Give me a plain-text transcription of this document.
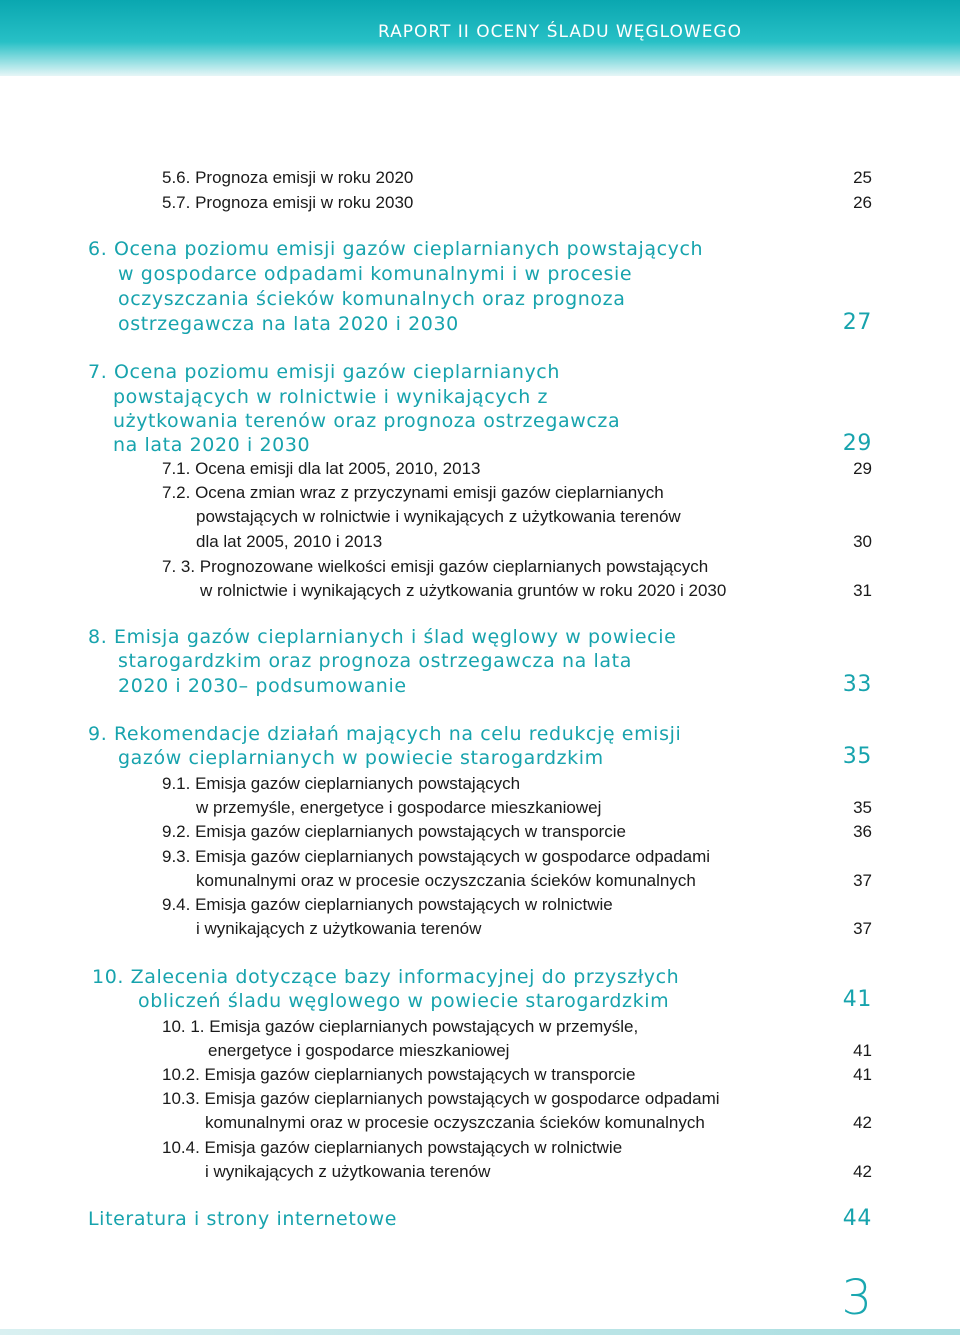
RAPORT II OCENY ŚLADU WĘGLOWEGO
5.6. Prognoza emisji w roku 2020	25
5.7. Prognoza emisji w roku 2030	26
6. Ocena poziomu emisji gazów cieplarnianych powstających
w gospodarce odpadami komunalnymi i w procesie
oczyszczania ścieków komunalnych oraz prognoza
ostrzegawcza na lata 2020 i 2030	27
7. Ocena poziomu emisji gazów cieplarnianych
powstających w rolnictwie i wynikających z
użytkowania terenów oraz prognoza ostrzegawcza
na lata 2020 i 2030	29
7.1. Ocena emisji dla lat 2005, 2010, 2013	29
7.2. Ocena zmian wraz z przyczynami emisji gazów cieplarnianych
powstających w rolnictwie i wynikających z użytkowania terenów
dla lat 2005, 2010 i 2013	30
7. 3. Prognozowane wielkości emisji gazów cieplarnianych powstających
w rolnictwie i wynikających z użytkowania gruntów w roku 2020 i 2030	31
8. Emisja gazów cieplarnianych i ślad węglowy w powiecie
starogardzkim oraz prognoza ostrzegawcza na lata
2020 i 2030– podsumowanie	33
9. Rekomendacje działań mających na celu redukcję emisji
gazów cieplarnianych w powiecie starogardzkim	35
9.1. Emisja gazów cieplarnianych powstających
w przemyśle, energetyce i gospodarce mieszkaniowej	35
9.2. Emisja gazów cieplarnianych powstających w transporcie	36
9.3. Emisja gazów cieplarnianych powstających w gospodarce odpadami
komunalnymi oraz w procesie oczyszczania ścieków komunalnych	37
9.4. Emisja gazów cieplarnianych powstających w rolnictwie
i wynikających z użytkowania terenów	37
10. Zalecenia dotyczące bazy informacyjnej do przyszłych
obliczeń śladu węglowego w powiecie starogardzkim	41
10. 1. Emisja gazów cieplarnianych powstających w przemyśle,
energetyce i gospodarce mieszkaniowej	41
10.2. Emisja gazów cieplarnianych powstających w transporcie	41
10.3. Emisja gazów cieplarnianych powstających w gospodarce odpadami
komunalnymi oraz w procesie oczyszczania ścieków komunalnych	42
10.4. Emisja gazów cieplarnianych powstających w rolnictwie
i wynikających z użytkowania terenów	42
Literatura i strony internetowe	44
3
